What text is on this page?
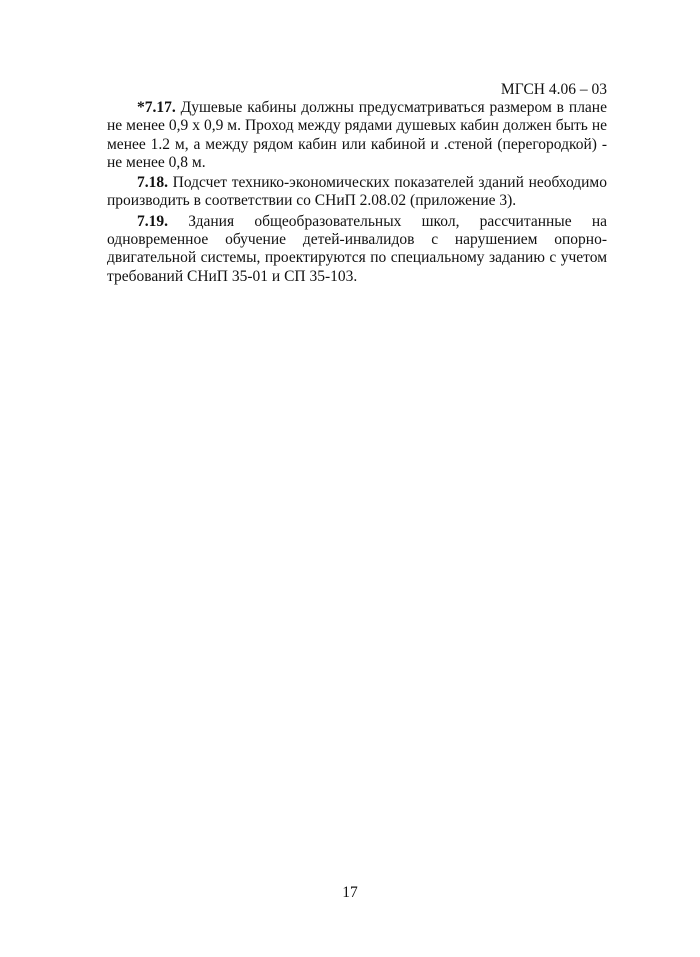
МГСН 4.06 – 03

*7.17. Душевые кабины должны предусматриваться размером в плане не менее 0,9 х 0,9 м. Проход между рядами душевых кабин должен быть не менее 1.2 м, а между рядом кабин или кабиной и .стеной (перегородкой) - не менее 0,8 м.

7.18. Подсчет технико-экономических показателей зданий необходимо производить в соответствии со СНиП 2.08.02 (приложение 3).

7.19. Здания общеобразовательных школ, рассчитанные на одновременное обучение детей-инвалидов с нарушением опорно-двигательной системы, проектируются по специальному заданию с учетом требований СНиП 35-01 и СП 35-103.

17
